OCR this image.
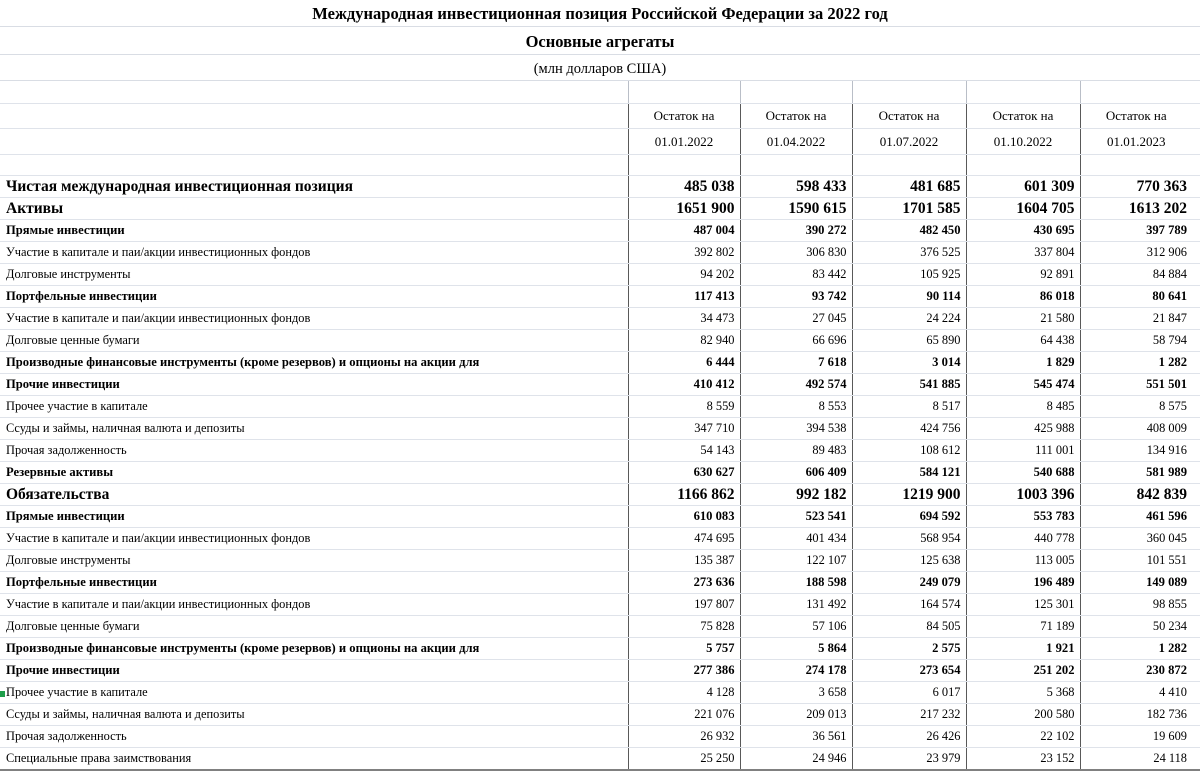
Международная инвестиционная позиция Российской Федерации за 2022 год
Основные агрегаты
(млн долларов США)

	Остаток на	Остаток на	Остаток на	Остаток на	Остаток на	
	01.01.2022	01.04.2022	01.07.2022	01.10.2022	01.01.2023	

Чистая международная инвестиционная позиция	485 038	598 433	481 685	601 309	770 363	
Активы	1651 900	1590 615	1701 585	1604 705	1613 202	
Прямые инвестиции	487 004	390 272	482 450	430 695	397 789	
Участие в капитале и паи/акции инвестиционных фондов	392 802	306 830	376 525	337 804	312 906	
Долговые инструменты	94 202	83 442	105 925	92 891	84 884	
Портфельные инвестиции	117 413	93 742	90 114	86 018	80 641	
Участие в капитале и паи/акции инвестиционных фондов	34 473	27 045	24 224	21 580	21 847	
Долговые ценные бумаги	82 940	66 696	65 890	64 438	58 794	
Производные финансовые инструменты (кроме резервов) и опционы на акции для	6 444	7 618	3 014	1 829	1 282	
Прочие инвестиции	410 412	492 574	541 885	545 474	551 501	
Прочее участие в капитале	8 559	8 553	8 517	8 485	8 575	
Ссуды и займы, наличная валюта и депозиты	347 710	394 538	424 756	425 988	408 009	
Прочая задолженность	54 143	89 483	108 612	111 001	134 916	
Резервные активы	630 627	606 409	584 121	540 688	581 989	
Обязательства	1166 862	992 182	1219 900	1003 396	842 839	
Прямые инвестиции	610 083	523 541	694 592	553 783	461 596	
Участие в капитале и паи/акции инвестиционных фондов	474 695	401 434	568 954	440 778	360 045	
Долговые инструменты	135 387	122 107	125 638	113 005	101 551	
Портфельные инвестиции	273 636	188 598	249 079	196 489	149 089	
Участие в капитале и паи/акции инвестиционных фондов	197 807	131 492	164 574	125 301	98 855	
Долговые ценные бумаги	75 828	57 106	84 505	71 189	50 234	
Производные финансовые инструменты (кроме резервов) и опционы на акции для	5 757	5 864	2 575	1 921	1 282	
Прочие инвестиции	277 386	274 178	273 654	251 202	230 872	
Прочее участие в капитале	4 128	3 658	6 017	5 368	4 410	
Ссуды и займы, наличная валюта и депозиты	221 076	209 013	217 232	200 580	182 736	
Прочая задолженность	26 932	36 561	26 426	22 102	19 609	
Специальные права заимствования	25 250	24 946	23 979	23 152	24 118	
